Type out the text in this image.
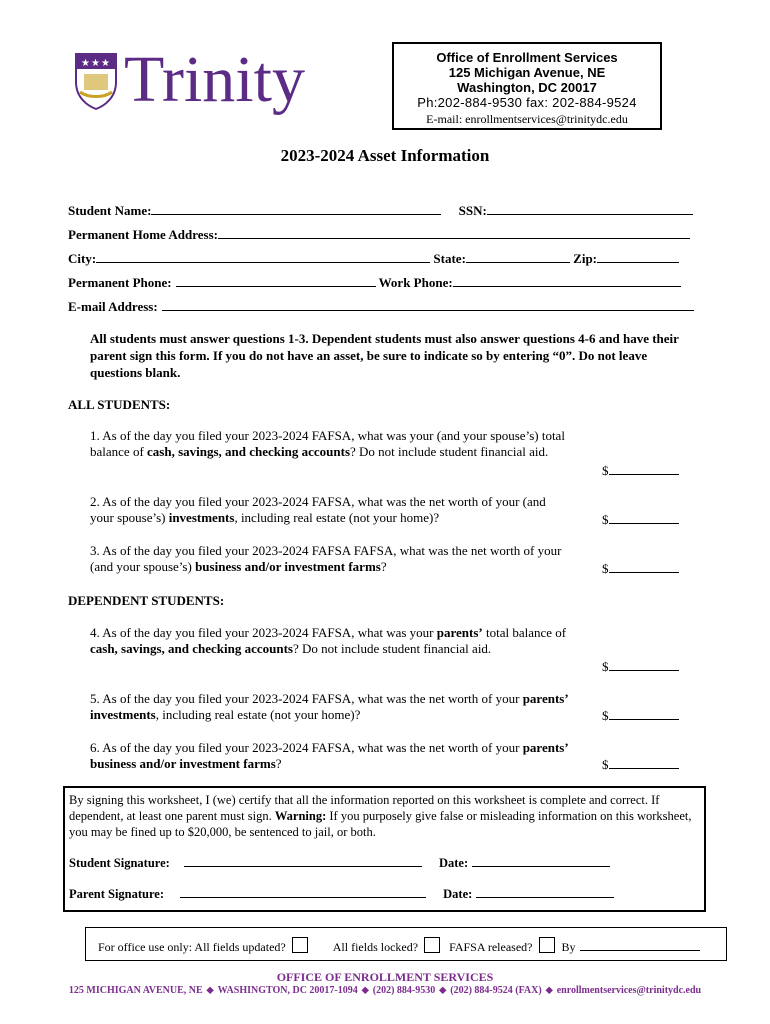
★ ★ ★ Trinity	Office of Enrollment Services
125 Michigan Avenue, NE
Washington, DC 20017
Ph:202-884-9530 fax: 202-884-9524
E-mail: enrollmentservices@trinitydc.edu
2023-2024 Asset Information
Student Name:	SSN:
Permanent Home Address:
City:	State:	Zip:
Permanent Phone:	Work Phone:
E-mail Address:
All students must answer questions 1-3. Dependent students must also answer questions 4-6 and have their parent sign this form. If you do not have an asset, be sure to indicate so by entering “0”. Do not leave questions blank.
ALL STUDENTS:
1. As of the day you filed your 2023-2024 FAFSA, what was your (and your spouse’s) total balance of cash, savings, and checking accounts? Do not include student financial aid.
$
2. As of the day you filed your 2023-2024 FAFSA, what was the net worth of your (and your spouse’s) investments, including real estate (not your home)?	$
3. As of the day you filed your 2023-2024 FAFSA FAFSA, what was the net worth of your (and your spouse’s) business and/or investment farms?	$
DEPENDENT STUDENTS:
4. As of the day you filed your 2023-2024 FAFSA, what was your parents’ total balance of cash, savings, and checking accounts? Do not include student financial aid.
$
5. As of the day you filed your 2023-2024 FAFSA, what was the net worth of your parents’ investments, including real estate (not your home)?	$
6. As of the day you filed your 2023-2024 FAFSA, what was the net worth of your parents’ business and/or investment farms?	$
By signing this worksheet, I (we) certify that all the information reported on this worksheet is complete and correct. If dependent, at least one parent must sign. Warning: If you purposely give false or misleading information on this worksheet, you may be fined up to $20,000, be sentenced to jail, or both.
Student Signature:	Date:
Parent Signature:	Date:
For office use only: All fields updated?	All fields locked?	FAFSA released? By
OFFICE OF ENROLLMENT SERVICES
125 MICHIGAN AVENUE, NE ⬥ WASHINGTON, DC 20017-1094 ⬥ (202) 884-9530 ⬥ (202) 884-9524 (FAX) ⬥ enrollmentservices@trinitydc.edu
